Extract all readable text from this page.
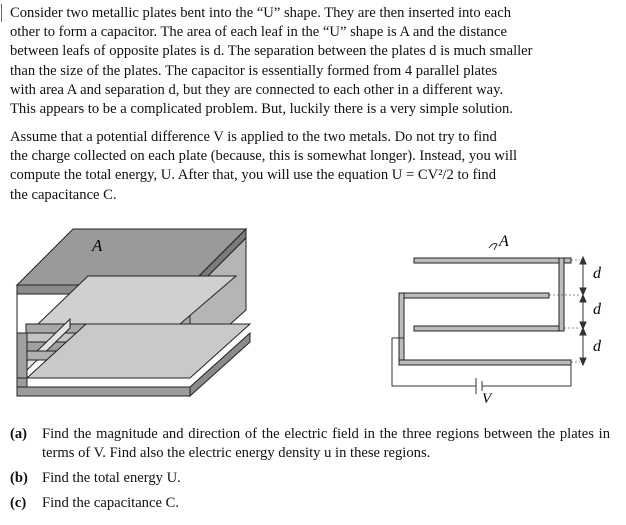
Consider two metallic plates bent into the “U” shape. They are then inserted into each
other to form a capacitor. The area of each leaf in the “U” shape is A and the distance
between leafs of opposite plates is d. The separation between the plates d is much smaller
than the size of the plates. The capacitor is essentially formed from 4 parallel plates
with area A and separation d, but they are connected to each other in a different way.
This appears to be a complicated problem. But, luckily there is a very simple solution.
Assume that a potential difference V is applied to the two metals. Do not try to find
the charge collected on each plate (because, this is somewhat longer). Instead, you will
compute the total energy, U. After that, you will use the equation U = CV²/2 to find
the capacitance C.
A
V
A
d
d
d
(a)	Find the magnitude and direction of the electric field in the three regions between the plates in terms of V. Find also the electric energy density u in these regions.
(b) Find the total energy U.
(c)	Find the capacitance C.
